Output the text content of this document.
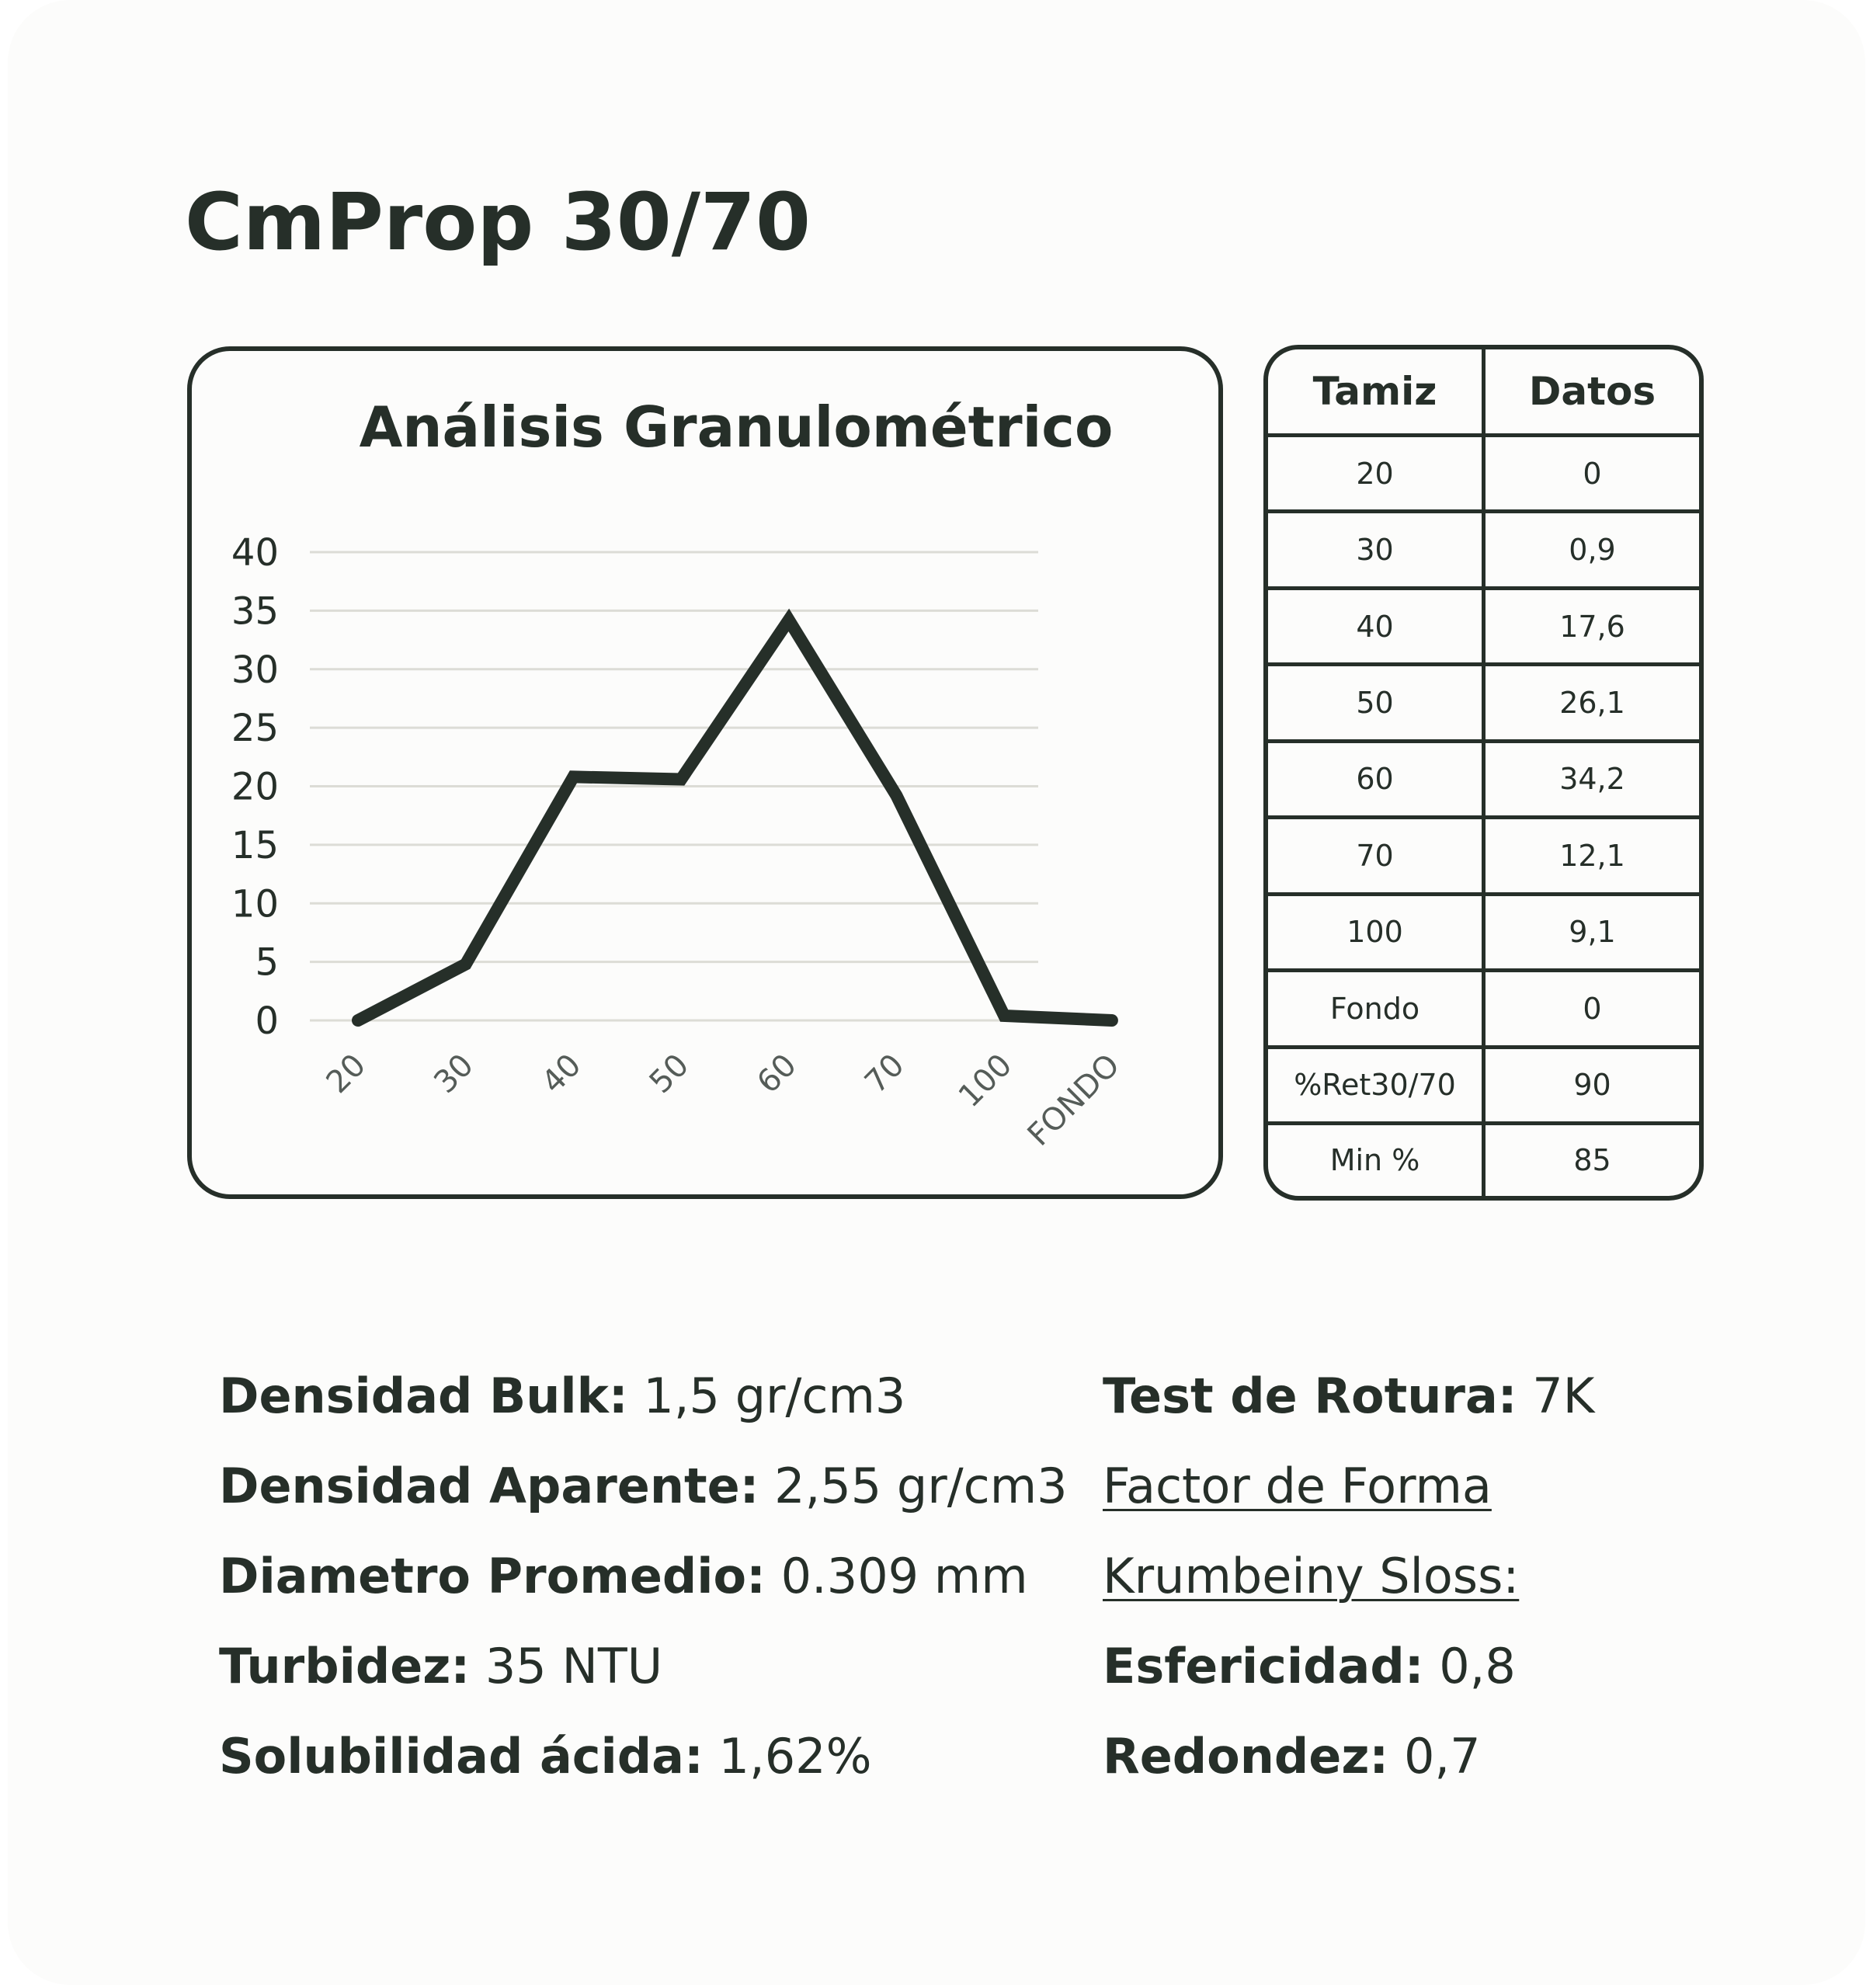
CmProp 30/70
Análisis Granulométrico
0
5
10
15
20
25
30
35
40
20 30 40 50 60 70 100 FONDO
Tamiz	Datos
20	0
30	0,9
40	17,6
50	26,1
60	34,2
70	12,1
100	9,1
Fondo	0
%Ret30/70	90
Min %	85
Densidad Bulk: 1,5 gr/cm3
Densidad Aparente: 2,55 gr/cm3
Diametro Promedio: 0.309 mm
Turbidez: 35 NTU
Solubilidad ácida: 1,62%
Test de Rotura: 7K
Factor de Forma
Krumbeiny Sloss:
Esfericidad: 0,8
Redondez: 0,7
